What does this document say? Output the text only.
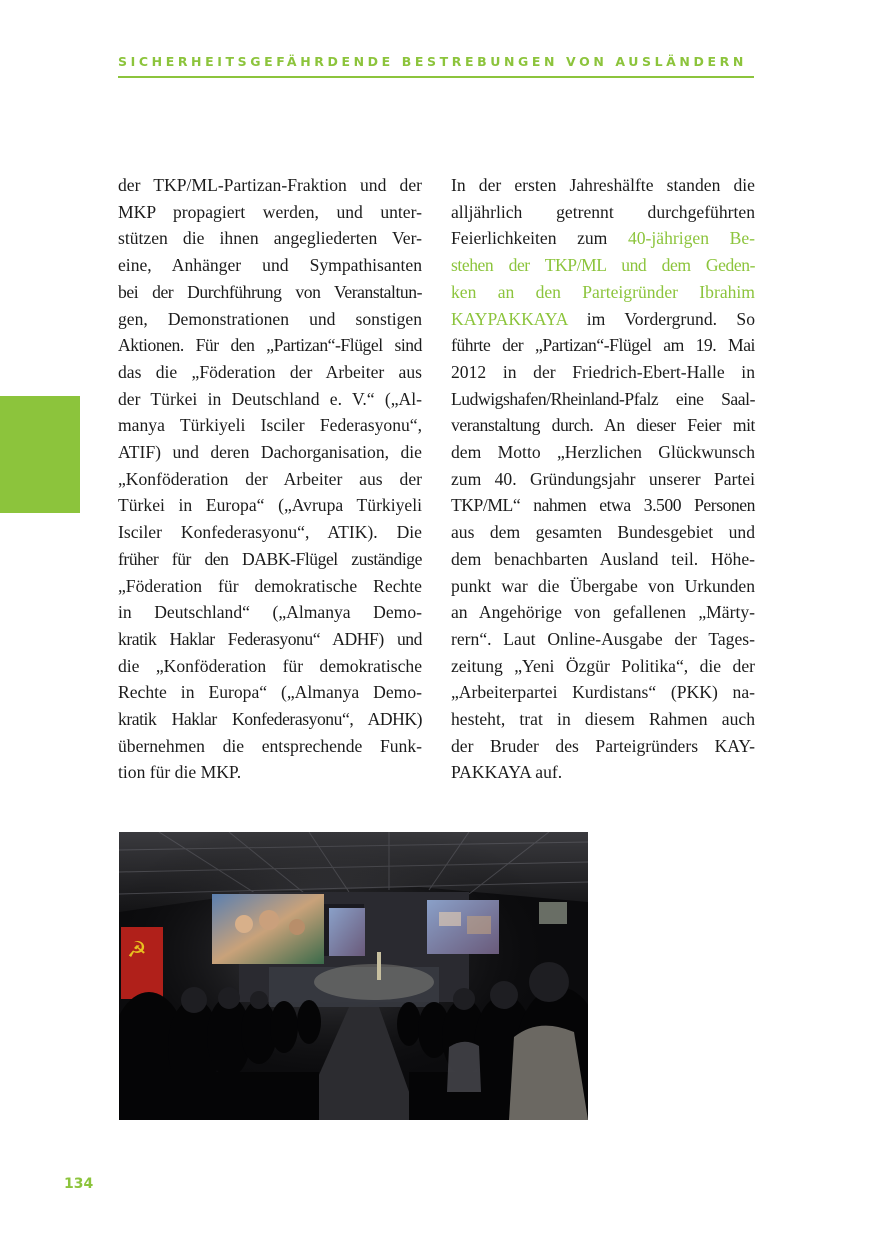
SICHERHEITSGEFÄHRDENDE BESTREBUNGEN VON AUSLÄNDERN

der TKP/ML-Partizan-Fraktion und der
MKP propagiert werden, und unter-
stützen die ihnen angegliederten Ver-
eine, Anhänger und Sympathisanten
bei der Durchführung von Veranstaltun-
gen, Demonstrationen und sonstigen
Aktionen. Für den „Partizan“-Flügel sind
das die „Föderation der Arbeiter aus
der Türkei in Deutschland e. V.“ („Al-
manya Türkiyeli Isciler Federasyonu“,
ATIF) und deren Dachorganisation, die
„Konföderation der Arbeiter aus der
Türkei in Europa“ („Avrupa Türkiyeli
Isciler Konfederasyonu“, ATIK). Die
früher für den DABK-Flügel zuständige
„Föderation für demokratische Rechte
in Deutschland“ („Almanya Demo-
kratik Haklar Federasyonu“ ADHF) und
die „Konföderation für demokratische
Rechte in Europa“ („Almanya Demo-
kratik Haklar Konfederasyonu“, ADHK)
übernehmen die entsprechende Funk-
tion für die MKP.

In der ersten Jahreshälfte standen die
alljährlich getrennt durchgeführten
Feierlichkeiten zum 40-jährigen Be-
stehen der TKP/ML und dem Geden-
ken an den Parteigründer Ibrahim
KAYPAKKAYA im Vordergrund. So
führte der „Partizan“-Flügel am 19. Mai
2012 in der Friedrich-Ebert-Halle in
Ludwigshafen/Rheinland-Pfalz eine Saal-
veranstaltung durch. An dieser Feier mit
dem Motto „Herzlichen Glückwunsch
zum 40. Gründungsjahr unserer Partei
TKP/ML“ nahmen etwa 3.500 Personen
aus dem gesamten Bundesgebiet und
dem benachbarten Ausland teil. Höhe-
punkt war die Übergabe von Urkunden
an Angehörige von gefallenen „Märty-
rern“. Laut Online-Ausgabe der Tages-
zeitung „Yeni Özgür Politika“, die der
„Arbeiterpartei Kurdistans“ (PKK) na-
hesteht, trat in diesem Rahmen auch
der Bruder des Parteigründers KAY-
PAKKAYA auf.

☭
134
